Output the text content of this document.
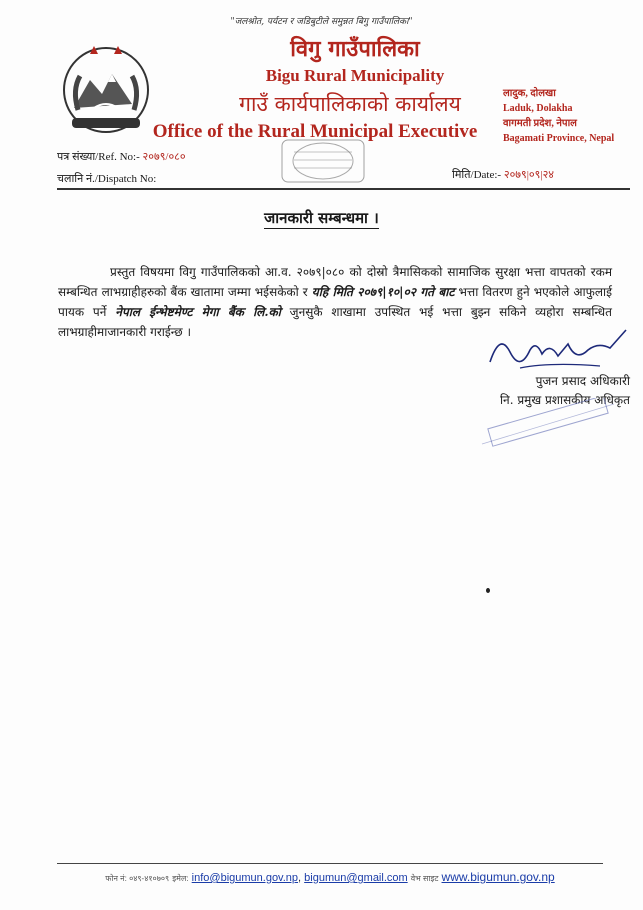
"जलश्रोत, पर्यटन र जडिबुटीले समुन्नत बिगु गाउँपालिका"
विगु गाउँपालिका
Bigu Rural Municipality
गाउँ कार्यपालिकाको कार्यालय
Office of the Rural Municipal Executive
लादुक, दोलखा
Laduk, Dolakha
वागमती प्रदेश, नेपाल
Bagamati Province, Nepal
पत्र संख्या/Ref. No:- २०७९/०८०
चलानि नं./Dispatch No:	मिति/Date:- २०७९|०९|२४
जानकारी सम्बन्धमा ।
प्रस्तुत विषयमा विगु गाउँपालिकको आ.व. २०७९|०८० को दोस्रो त्रैमासिकको सामाजिक सुरक्षा भत्ता वापतको रकम सम्बन्धित लाभग्राहीहरुको बैंक खातामा जम्मा भईसकेको र यहि मिति २०७९|१०|०२ गते बाट भत्ता वितरण हुने भएकोले आफुलाई पायक पर्ने नेपाल ईन्भेष्टमेण्ट मेगा बैंक लि.को जुनसुकै शाखामा उपस्थित भई भत्ता बुझ्न सकिने व्यहोरा सम्बन्धित लाभग्राहीमाजानकारी गराईन्छ ।
पुजन प्रसाद अधिकारी
नि. प्रमुख प्रशासकीय अधिकृत
फोन नं: ०४९-४१०७०९ इमेल: info@bigumun.gov.np, bigumun@gmail.com वेभ साइट www.bigumun.gov.np
